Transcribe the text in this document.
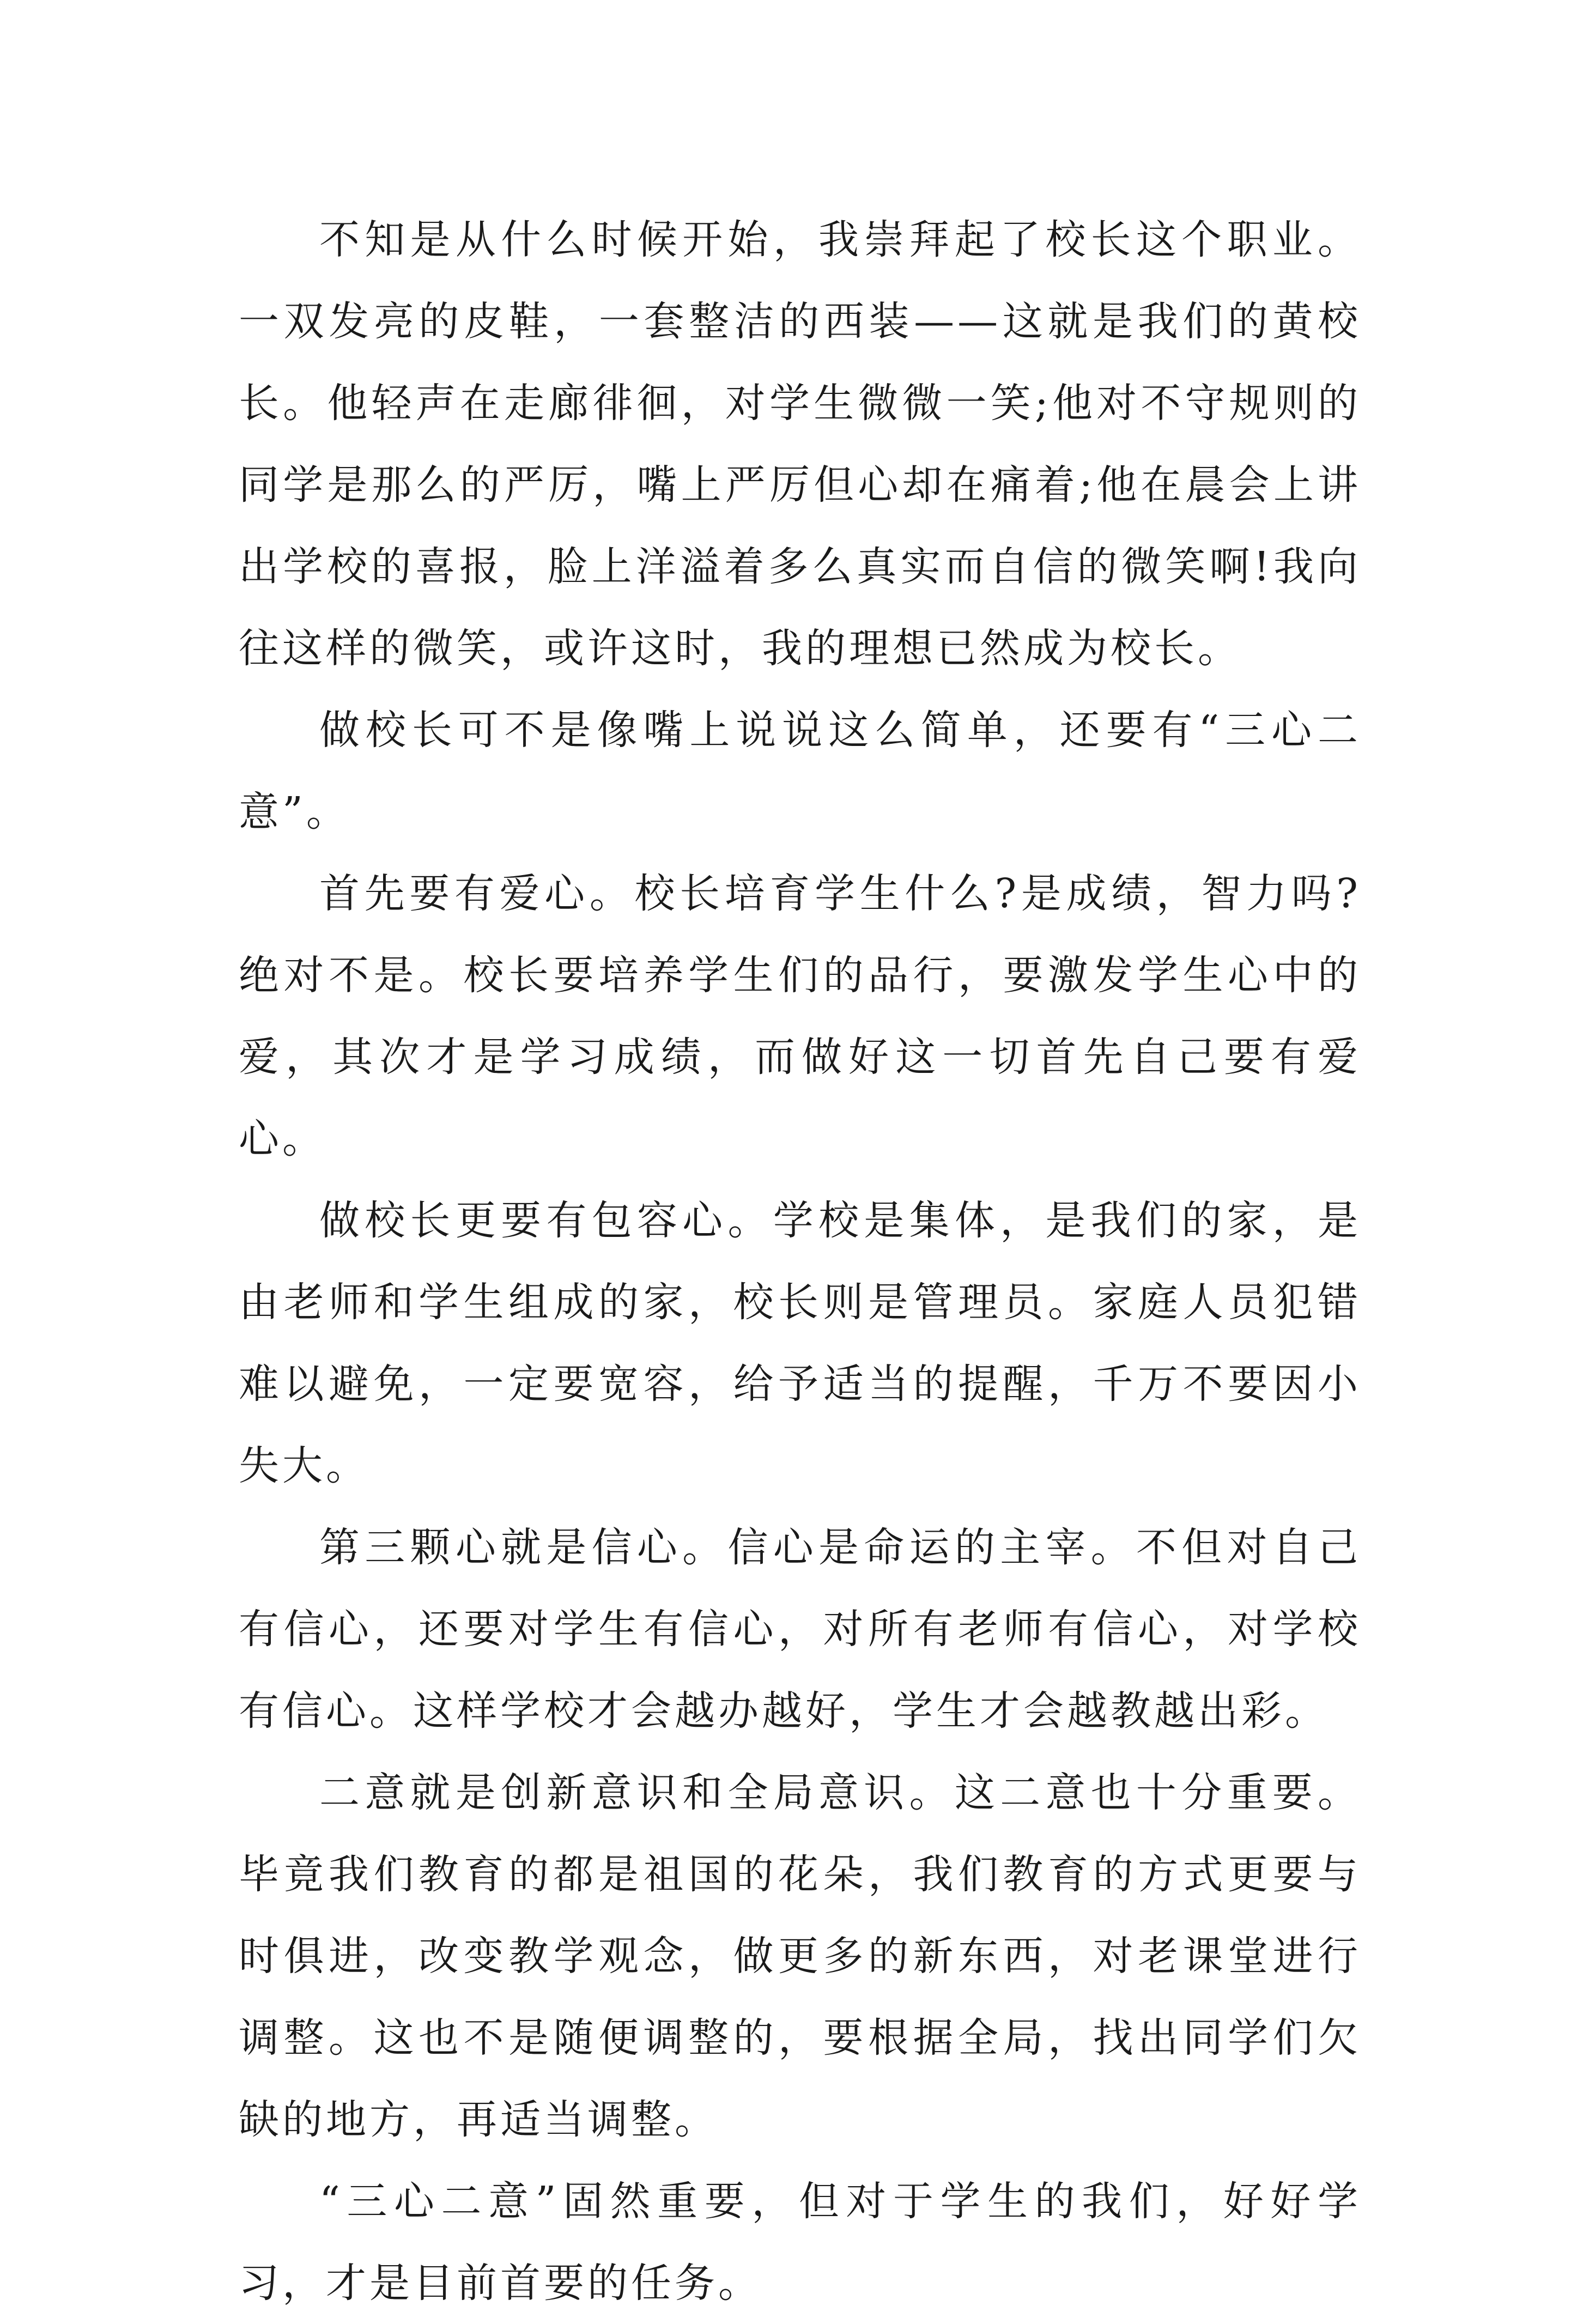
不知是从什么时候开始，我崇拜起了校长这个职业。一双发亮的皮鞋，一套整洁的西装——这就是我们的黄校长。他轻声在走廊徘徊，对学生微微一笑;他对不守规则的同学是那么的严厉，嘴上严厉但心却在痛着;他在晨会上讲出学校的喜报，脸上洋溢着多么真实而自信的微笑啊!我向往这样的微笑，或许这时，我的理想已然成为校长。

做校长可不是像嘴上说说这么简单，还要有“三心二意”。

首先要有爱心。校长培育学生什么?是成绩，智力吗?绝对不是。校长要培养学生们的品行，要激发学生心中的爱，其次才是学习成绩，而做好这一切首先自己要有爱心。

做校长更要有包容心。学校是集体，是我们的家，是由老师和学生组成的家，校长则是管理员。家庭人员犯错难以避免，一定要宽容，给予适当的提醒，千万不要因小失大。

第三颗心就是信心。信心是命运的主宰。不但对自己有信心，还要对学生有信心，对所有老师有信心，对学校有信心。这样学校才会越办越好，学生才会越教越出彩。

二意就是创新意识和全局意识。这二意也十分重要。毕竟我们教育的都是祖国的花朵，我们教育的方式更要与时俱进，改变教学观念，做更多的新东西，对老课堂进行调整。这也不是随便调整的，要根据全局，找出同学们欠缺的地方，再适当调整。

“三心二意”固然重要，但对于学生的我们，好好学习，才是目前首要的任务。
